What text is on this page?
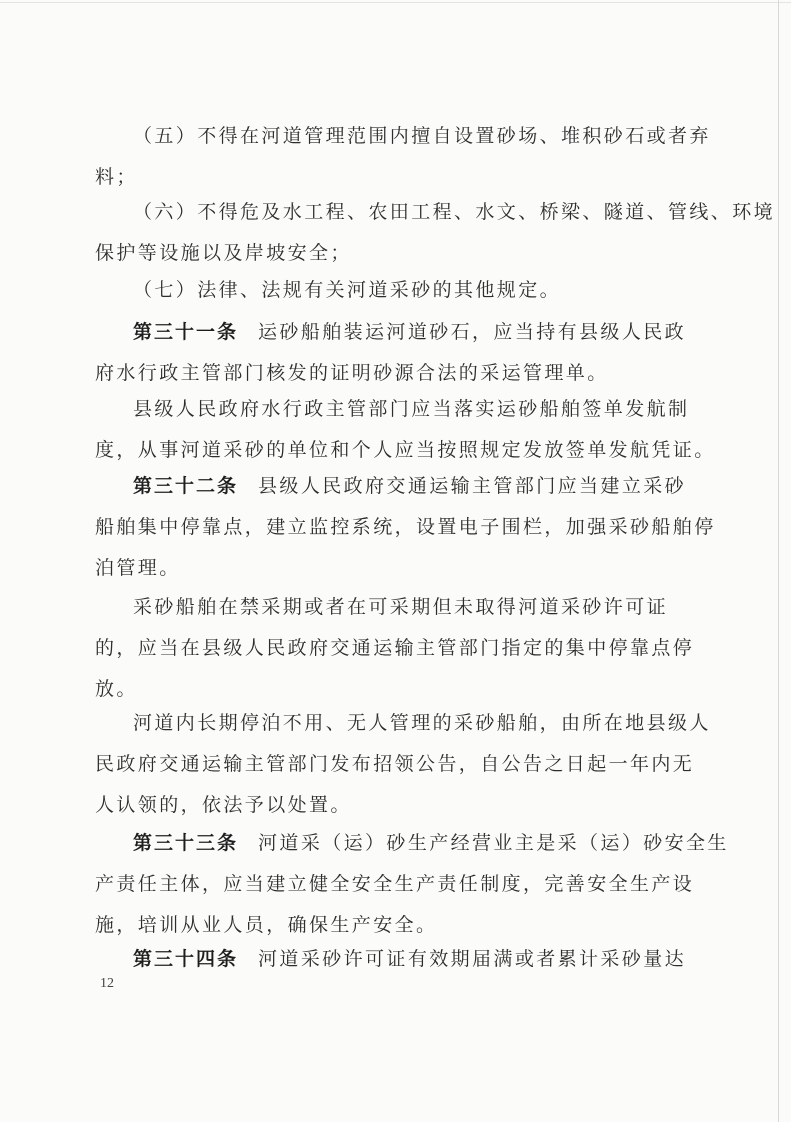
（五）不得在河道管理范围内擅自设置砂场、堆积砂石或者弃
料；

（六）不得危及水工程、农田工程、水文、桥梁、隧道、管线、环境
保护等设施以及岸坡安全；

（七）法律、法规有关河道采砂的其他规定。

第三十一条 运砂船舶装运河道砂石，应当持有县级人民政
府水行政主管部门核发的证明砂源合法的采运管理单。

县级人民政府水行政主管部门应当落实运砂船舶签单发航制
度，从事河道采砂的单位和个人应当按照规定发放签单发航凭证。

第三十二条 县级人民政府交通运输主管部门应当建立采砂
船舶集中停靠点，建立监控系统，设置电子围栏，加强采砂船舶停
泊管理。

采砂船舶在禁采期或者在可采期但未取得河道采砂许可证
的，应当在县级人民政府交通运输主管部门指定的集中停靠点停
放。

河道内长期停泊不用、无人管理的采砂船舶，由所在地县级人
民政府交通运输主管部门发布招领公告，自公告之日起一年内无
人认领的，依法予以处置。

第三十三条 河道采（运）砂生产经营业主是采（运）砂安全生
产责任主体，应当建立健全安全生产责任制度，完善安全生产设
施，培训从业人员，确保生产安全。

第三十四条 河道采砂许可证有效期届满或者累计采砂量达

12
